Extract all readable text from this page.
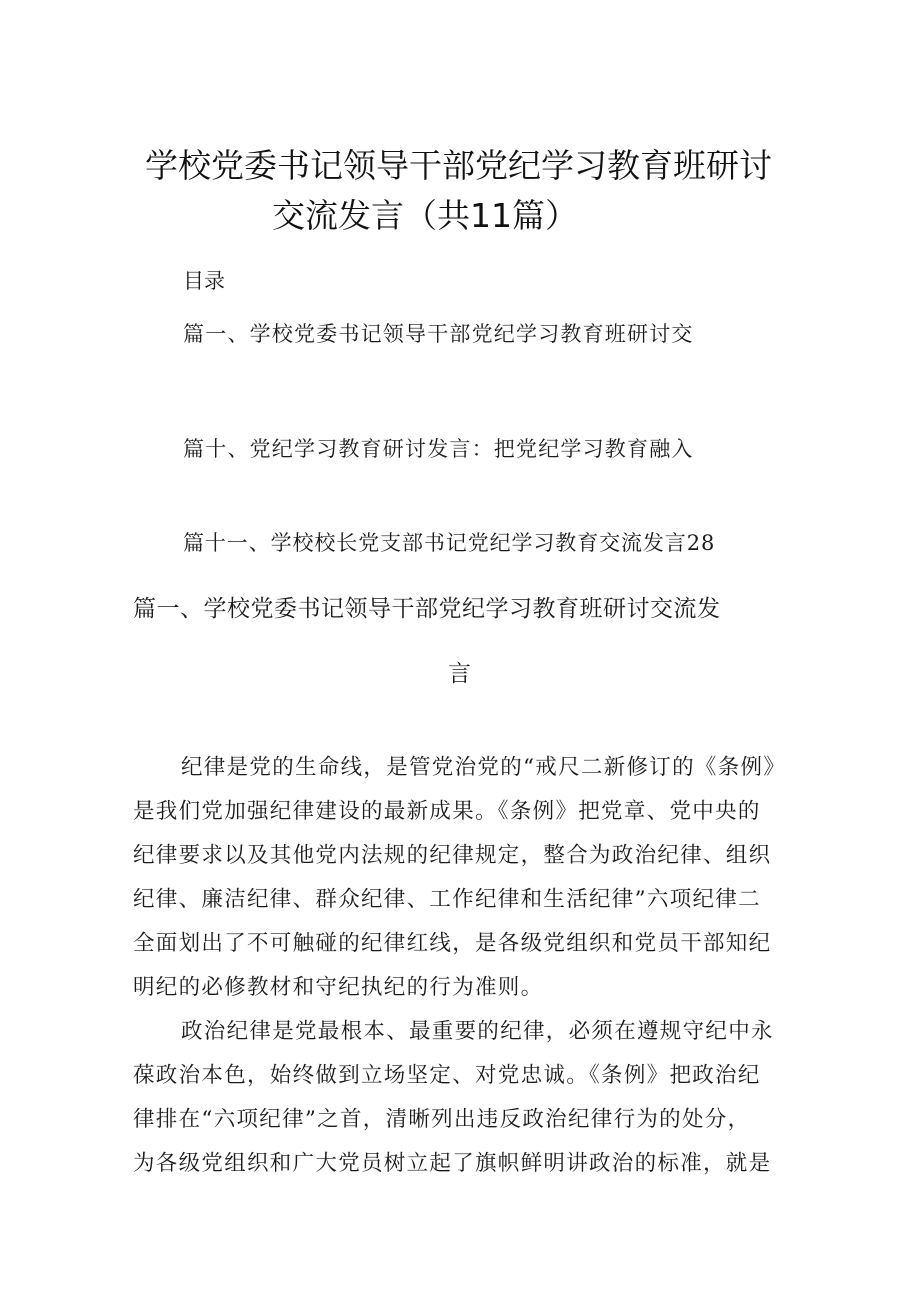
学校党委书记领导干部党纪学习教育班研讨
交流发言（共11篇）
目录
篇一、学校党委书记领导干部党纪学习教育班研讨交
篇十、党纪学习教育研讨发言：把党纪学习教育融入
篇十一、学校校长党支部书记党纪学习教育交流发言28
篇一、学校党委书记领导干部党纪学习教育班研讨交流发
言
纪律是党的生命线，是管党治党的“戒尺二新修订的《条例》
是我们党加强纪律建设的最新成果。《条例》把党章、党中央的
纪律要求以及其他党内法规的纪律规定，整合为政治纪律、组织
纪律、廉洁纪律、群众纪律、工作纪律和生活纪律”六项纪律二
全面划出了不可触碰的纪律红线，是各级党组织和党员干部知纪
明纪的必修教材和守纪执纪的行为准则。
政治纪律是党最根本、最重要的纪律，必须在遵规守纪中永
葆政治本色，始终做到立场坚定、对党忠诚。《条例》把政治纪
律排在“六项纪律”之首，清晰列出违反政治纪律行为的处分，
为各级党组织和广大党员树立起了旗帜鲜明讲政治的标准，就是
